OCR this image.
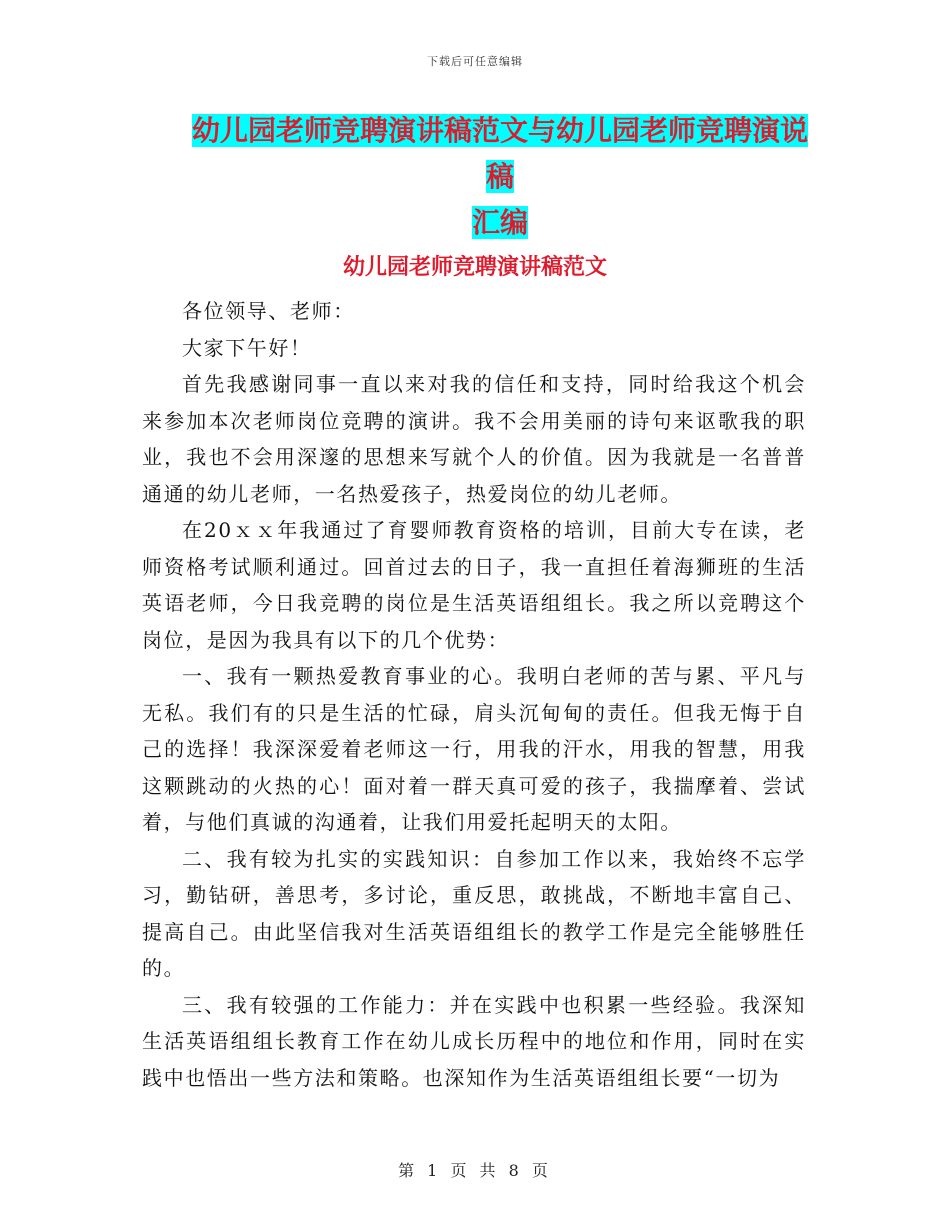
下载后可任意编辑
幼儿园老师竞聘演讲稿范文与幼儿园老师竞聘演说稿
汇编
幼儿园老师竞聘演讲稿范文

各位领导、老师：

大家下午好！

首先我感谢同事一直以来对我的信任和支持，同时给我这个机会来参加本次老师岗位竞聘的演讲。我不会用美丽的诗句来讴歌我的职业，我也不会用深邃的思想来写就个人的价值。因为我就是一名普普通通的幼儿老师，一名热爱孩子，热爱岗位的幼儿老师。

在20ｘｘ年我通过了育婴师教育资格的培训，目前大专在读，老师资格考试顺利通过。回首过去的日子，我一直担任着海狮班的生活英语老师，今日我竞聘的岗位是生活英语组组长。我之所以竞聘这个岗位，是因为我具有以下的几个优势：

一、我有一颗热爱教育事业的心。我明白老师的苦与累、平凡与无私。我们有的只是生活的忙碌，肩头沉甸甸的责任。但我无悔于自己的选择！我深深爱着老师这一行，用我的汗水，用我的智慧，用我这颗跳动的火热的心！面对着一群天真可爱的孩子，我揣摩着、尝试着，与他们真诚的沟通着，让我们用爱托起明天的太阳。

二、我有较为扎实的实践知识：自参加工作以来，我始终不忘学习，勤钻研，善思考，多讨论，重反思，敢挑战，不断地丰富自己、提高自己。由此坚信我对生活英语组组长的教学工作是完全能够胜任的。

三、我有较强的工作能力：并在实践中也积累一些经验。我深知生活英语组组长教育工作在幼儿成长历程中的地位和作用，同时在实践中也悟出一些方法和策略。也深知作为生活英语组组长要“一切为

第 1 页 共 8 页
